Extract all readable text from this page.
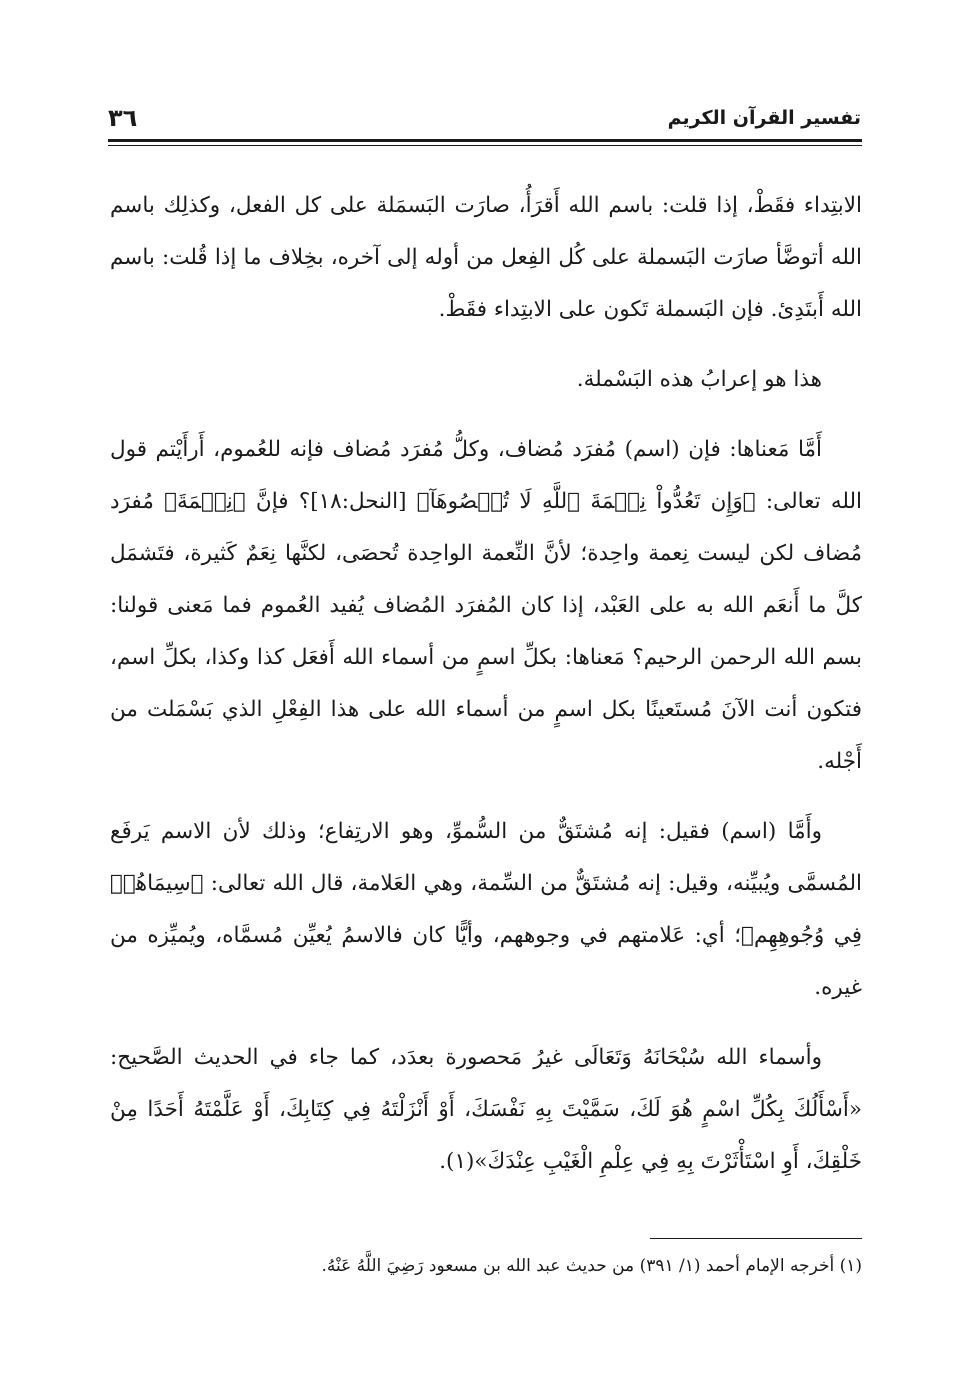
٣٦	تفسير القرآن الكريم

الابتِداء فقَطْ، إذا قلت: باسم الله أَقرَأُ، صارَت البَسمَلة على كل الفعل، وكذلِك باسم الله أتوضَّأ صارَت البَسملة على كُل الفِعل من أوله إلى آخره، بخِلاف ما إذا قُلت: باسم الله أَبتَدِئ. فإن البَسملة تَكون على الابتِداء فقَطْ.

هذا هو إعرابُ هذه البَسْملة.

أَمَّا مَعناها: فإن (اسم) مُفرَد مُضاف، وكلُّ مُفرَد مُضاف فإنه للعُموم، أَرأَيْتم قول الله تعالى: ﴿وَإِن تَعُدُّواْ نِعۡمَةَ ٱللَّهِ لَا تُحۡصُوهَآ﴾ [النحل:١٨]؟ فإنَّ ﴿نِعۡمَةَ﴾ مُفرَد مُضاف لكن ليست نِعمة واحِدة؛ لأنَّ النِّعمة الواحِدة تُحصَى، لكنَّها نِعَمٌ كَثيرة، فتَشمَل كلَّ ما أَنعَم الله به على العَبْد، إذا كان المُفرَد المُضاف يُفيد العُموم فما مَعنى قولنا: بسم الله الرحمن الرحيم؟ مَعناها: بكلِّ اسمٍ من أسماء الله أَفعَل كذا وكذا، بكلِّ اسم، فتكون أنت الآنَ مُستَعينًا بكل اسمٍ من أسماء الله على هذا الفِعْلِ الذي بَسْمَلت من أَجْله.

وأَمَّا (اسم) فقيل: إنه مُشتَقٌّ من السُّموِّ، وهو الارتِفاع؛ وذلك لأن الاسم يَرفَع المُسمَّى ويُبيِّنه، وقيل: إنه مُشتَقٌّ من السِّمة، وهي العَلامة، قال الله تعالى: ﴿سِيمَاهُمۡ فِي وُجُوهِهِم﴾؛ أي: عَلامتهم في وجوههم، وأيًّا كان فالاسمُ يُعيِّن مُسمَّاه، ويُميِّزه من غيره.

وأسماء الله سُبْحَانَهُ وَتَعَالَى غيرُ مَحصورة بعدَد، كما جاء في الحديث الصَّحيح: «أَسْأَلُكَ بِكُلِّ اسْمٍ هُوَ لَكَ، سَمَّيْتَ بِهِ نَفْسَكَ، أَوْ أَنْزَلْتَهُ فِي كِتَابِكَ، أَوْ عَلَّمْتَهُ أَحَدًا مِنْ خَلْقِكَ، أَوِ اسْتَأْثَرْتَ بِهِ فِي عِلْمِ الْغَيْبِ عِنْدَكَ»(١).

(١) أخرجه الإمام أحمد (١/ ٣٩١) من حديث عبد الله بن مسعود رَضِيَ اللَّهُ عَنْهُ.
